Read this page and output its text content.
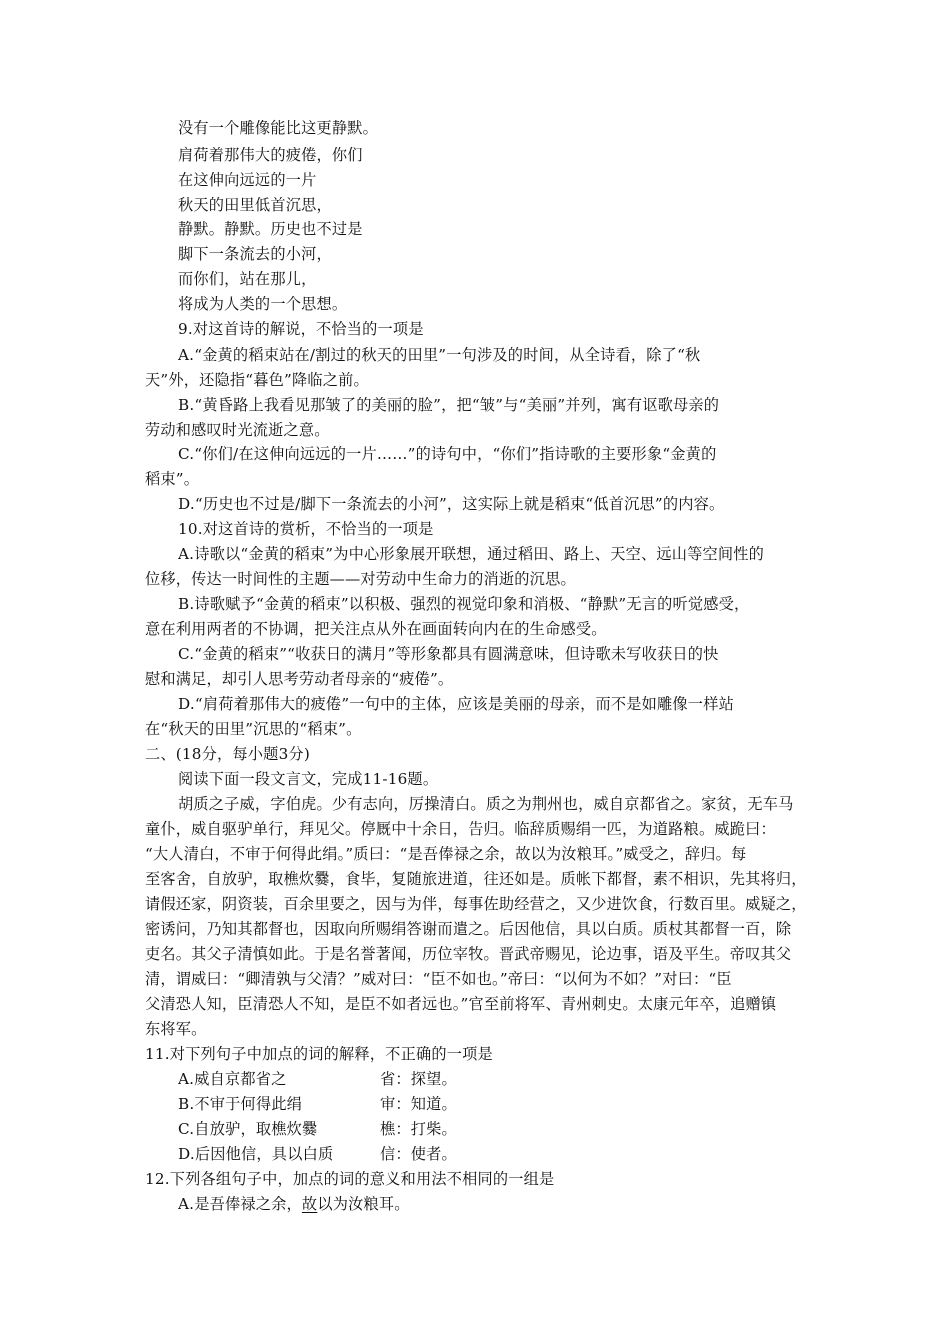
没有一个雕像能比这更静默。
肩荷着那伟大的疲倦，你们
在这伸向远远的一片
秋天的田里低首沉思，
静默。静默。历史也不过是
脚下一条流去的小河，
而你们，站在那儿，
将成为人类的一个思想。
9.对这首诗的解说，不恰当的一项是
A.“金黄的稻束站在/割过的秋天的田里”一句涉及的时间，从全诗看，除了“秋
天”外，还隐指“暮色”降临之前。
B.“黄昏路上我看见那皱了的美丽的脸”，把“皱”与“美丽”并列，寓有讴歌母亲的
劳动和感叹时光流逝之意。
C.“你们/在这伸向远远的一片……”的诗句中，“你们”指诗歌的主要形象“金黄的
稻束”。
D.“历史也不过是/脚下一条流去的小河”，这实际上就是稻束“低首沉思”的内容。
10.对这首诗的赏析，不恰当的一项是
A.诗歌以“金黄的稻束”为中心形象展开联想，通过稻田、路上、天空、远山等空间性的
位移，传达一时间性的主题——对劳动中生命力的消逝的沉思。
B.诗歌赋予“金黄的稻束”以积极、强烈的视觉印象和消极、“静默”无言的听觉感受，
意在利用两者的不协调，把关注点从外在画面转向内在的生命感受。
C.“金黄的稻束”“收获日的满月”等形象都具有圆满意味，但诗歌未写收获日的快
慰和满足，却引人思考劳动者母亲的“疲倦”。
D.“肩荷着那伟大的疲倦”一句中的主体，应该是美丽的母亲，而不是如雕像一样站
在“秋天的田里”沉思的“稻束”。
二、(18分，每小题3分)
阅读下面一段文言文，完成11-16题。
胡质之子威，字伯虎。少有志向，厉操清白。质之为荆州也，威自京都省之。家贫，无车马
童仆，威自驱驴单行，拜见父。停厩中十余日，告归。临辞质赐绢一匹，为道路粮。威跪曰：
“大人清白，不审于何得此绢。”质曰：“是吾俸禄之余，故以为汝粮耳。”威受之，辞归。每
至客舍，自放驴，取樵炊爨，食毕，复随旅进道，往还如是。质帐下都督，素不相识，先其将归，
请假还家，阴资装，百余里要之，因与为伴，每事佐助经营之，又少进饮食，行数百里。威疑之，
密诱问，乃知其都督也，因取向所赐绢答谢而遣之。后因他信，具以白质。质杖其都督一百，除
吏名。其父子清慎如此。于是名誉著闻，历位宰牧。晋武帝赐见，论边事，语及平生。帝叹其父
清，谓威曰：“卿清孰与父清？”威对曰：“臣不如也。”帝曰：“以何为不如？”对曰：“臣
父清恐人知，臣清恐人不知，是臣不如者远也。”官至前将军、青州刺史。太康元年卒，追赠镇
东将军。
11.对下列句子中加点的词的解释，不正确的一项是
A.威自京都省之	省：探望。
B.不审于何得此绢	审：知道。
C.自放驴，取樵炊爨	樵：打柴。
D.后因他信，具以白质	信：使者。
12.下列各组句子中，加点的词的意义和用法不相同的一组是
A.是吾俸禄之余，故以为汝粮耳。
